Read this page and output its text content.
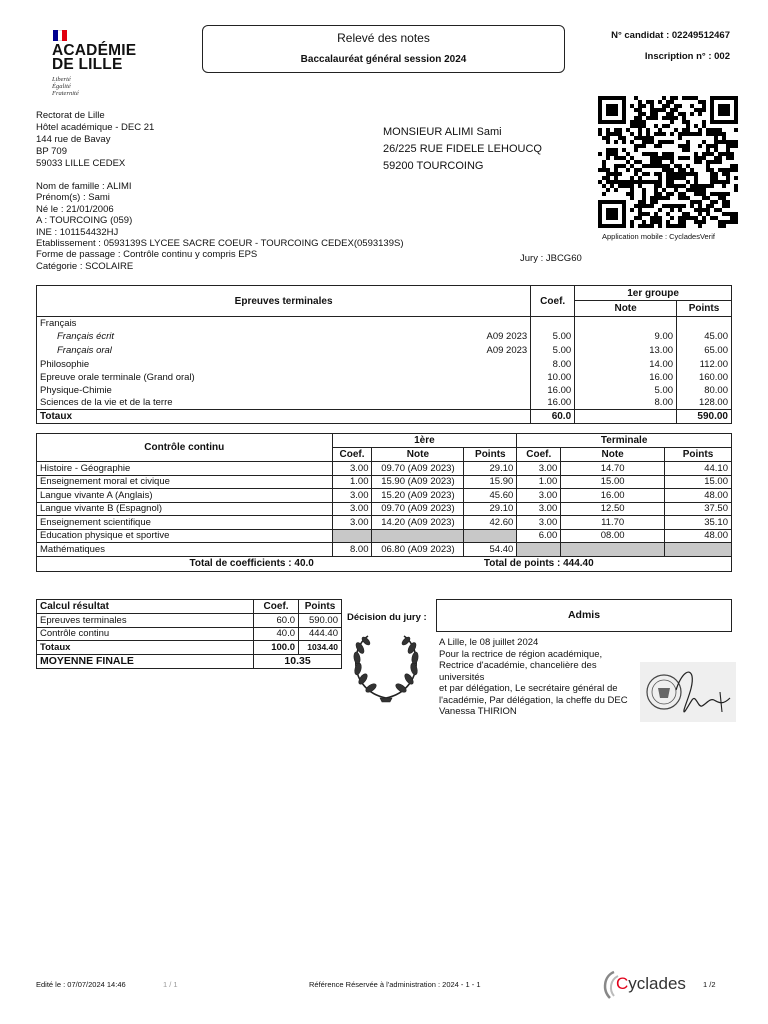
ACADÉMIE
DE LILLE
Liberté
Égalité
Fraternité
Relevé des notes
Baccalauréat général session 2024
N° candidat : 02249512467
Inscription n° : 002
Application mobile : CycladesVerif
Rectorat de Lille
Hôtel académique - DEC 21
144 rue de Bavay
BP 709
59033 LILLE CEDEX
MONSIEUR ALIMI Sami
26/225 RUE FIDELE LEHOUCQ
59200 TOURCOING
Nom de famille : ALIMI
Prénom(s) : Sami
Né le : 21/01/2006
A : TOURCOING (059)
INE : 101154432HJ
Etablissement : 0593139S LYCEE SACRE COEUR - TOURCOING CEDEX(0593139S)
Forme de passage : Contrôle continu y compris EPS
Catégorie : SCOLAIRE
Jury : JBCG60
Epreuves terminales		Coef.	1er groupe	
			Note	Points
Français				
Français écrit	A09 2023	5.00	9.00	45.00
Français oral	A09 2023	5.00	13.00	65.00
Philosophie		8.00	14.00	112.00
Epreuve orale terminale (Grand oral)		10.00	16.00	160.00
Physique-Chimie		16.00	5.00	80.00
Sciences de la vie et de la terre		16.00	8.00	128.00
Totaux		60.0		590.00
Contrôle continu	1ère			Terminale		
	Coef.	Note	Points	Coef.	Note	Points
Histoire - Géographie	3.00	09.70 (A09 2023)	29.10	3.00	14.70	44.10
Enseignement moral et civique	1.00	15.90 (A09 2023)	15.90	1.00	15.00	15.00
Langue vivante A (Anglais)	3.00	15.20 (A09 2023)	45.60	3.00	16.00	48.00
Langue vivante B (Espagnol)	3.00	09.70 (A09 2023)	29.10	3.00	12.50	37.50
Enseignement scientifique	3.00	14.20 (A09 2023)	42.60	3.00	11.70	35.10
Education physique et sportive				6.00	08.00	48.00
Mathématiques	8.00	06.80 (A09 2023)	54.40			
Total de coefficients : 40.0			Total de points : 444.40			
Calcul résultat	Coef.	Points
Epreuves terminales	60.0	590.00
Contrôle continu	40.0	444.40
Totaux	100.0	1034.40
MOYENNE FINALE	10.35	
Décision du jury :	Admis
A Lille, le 08 juillet 2024
Pour la rectrice de région académique,
Rectrice d'académie, chancelière des universités
et par délégation, Le secrétaire général de l'académie, Par délégation, la cheffe du DEC
Vanessa THIRION
Edité le : 07/07/2024 14:46	1 / 1	Référence Réservée à l'administration : 2024 - 1 - 1	Cyclades 1 /2
